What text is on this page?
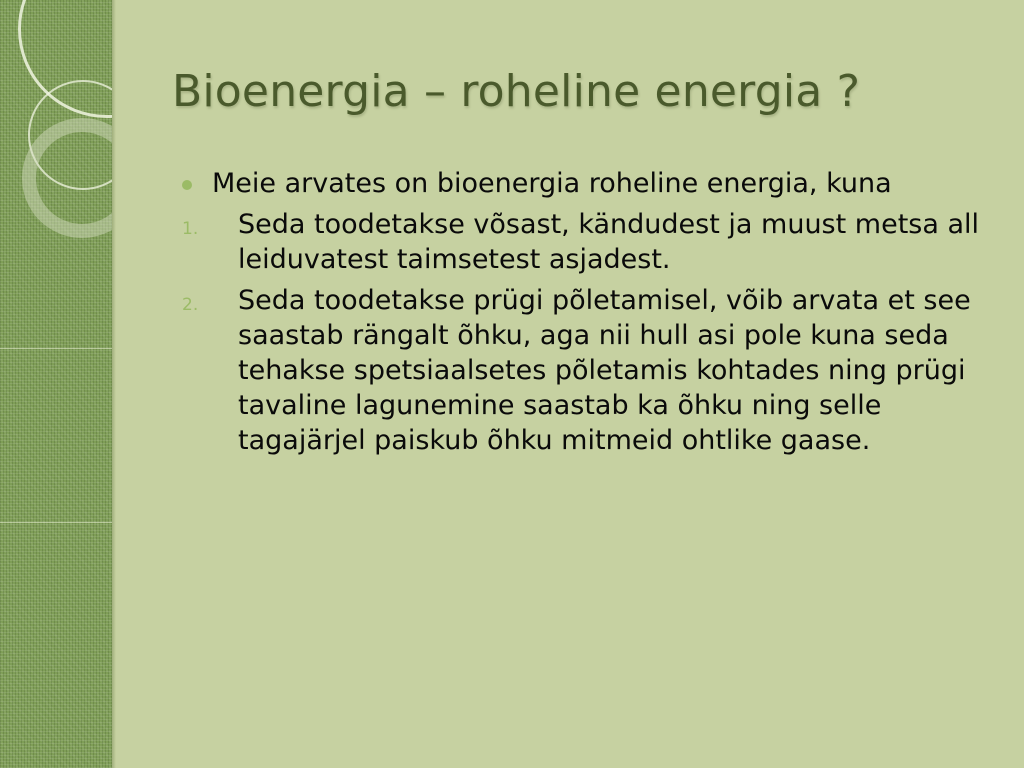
Bioenergia – roheline energia ?
Meie arvates on bioenergia roheline energia, kuna
1. Seda toodetakse võsast, kändudest ja muust metsa all leiduvatest taimsetest asjadest.
2. Seda toodetakse prügi põletamisel, võib arvata et see saastab rängalt õhku, aga nii hull asi pole kuna seda tehakse spetsiaalsetes põletamis kohtades ning prügi tavaline lagunemine saastab ka õhku ning selle tagajärjel paiskub õhku mitmeid ohtlike gaase.
